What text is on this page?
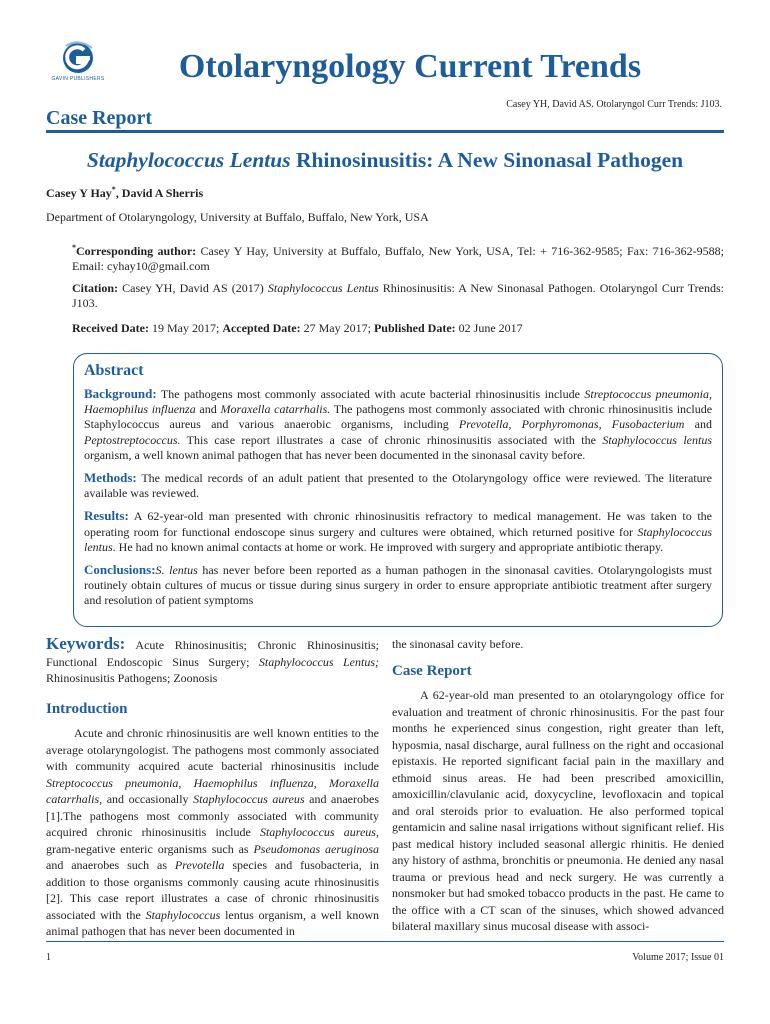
GAVIN PUBLISHERS	Otolaryngology Current Trends
Casey YH, David AS. Otolaryngol Curr Trends: J103.
Case Report
Staphylococcus Lentus Rhinosinusitis: A New Sinonasal Pathogen
Casey Y Hay*, David A Sherris
Department of Otolaryngology, University at Buffalo, Buffalo, New York, USA
*Corresponding author: Casey Y Hay, University at Buffalo, Buffalo, New York, USA, Tel: + 716-362-9585; Fax: 716-362-9588; Email: cyhay10@gmail.com
Citation: Casey YH, David AS (2017) Staphylococcus Lentus Rhinosinusitis: A New Sinonasal Pathogen. Otolaryngol Curr Trends: J103.
Received Date: 19 May 2017; Accepted Date: 27 May 2017; Published Date: 02 June 2017
Abstract

Background: The pathogens most commonly associated with acute bacterial rhinosinusitis include Streptococcus pneumonia, Haemophilus influenza and Moraxella catarrhalis. The pathogens most commonly associated with chronic rhinosinusitis include Staphylococcus aureus and various anaerobic organisms, including Prevotella, Porphyromonas, Fusobacterium and Peptostreptococcus. This case report illustrates a case of chronic rhinosinusitis associated with the Staphylococcus lentus organism, a well known animal pathogen that has never been documented in the sinonasal cavity before.

Methods: The medical records of an adult patient that presented to the Otolaryngology office were reviewed. The literature available was reviewed.

Results: A 62-year-old man presented with chronic rhinosinusitis refractory to medical management. He was taken to the operating room for functional endoscope sinus surgery and cultures were obtained, which returned positive for Staphylococcus lentus. He had no known animal contacts at home or work. He improved with surgery and appropriate antibiotic therapy.

Conclusions:S. lentus has never before been reported as a human pathogen in the sinonasal cavities. Otolaryngologists must routinely obtain cultures of mucus or tissue during sinus surgery in order to ensure appropriate antibiotic treatment after surgery and resolution of patient symptoms

Keywords: Acute Rhinosinusitis; Chronic Rhinosinusitis; Functional Endoscopic Sinus Surgery; Staphylococcus Lentus; Rhinosinusitis Pathogens; Zoonosis

Introduction

Acute and chronic rhinosinusitis are well known entities to the average otolaryngologist. The pathogens most commonly associated with community acquired acute bacterial rhinosinusitis include Streptococcus pneumonia, Haemophilus influenza, Moraxella catarrhalis, and occasionally Staphylococcus aureus and anaerobes [1].The pathogens most commonly associated with community acquired chronic rhinosinusitis include Staphylococcus aureus, gram-negative enteric organisms such as Pseudomonas aeruginosa and anaerobes such as Prevotella species and fusobacteria, in addition to those organisms commonly causing acute rhinosinusitis [2]. This case report illustrates a case of chronic rhinosinusitis associated with the Staphylococcus lentus organism, a well known animal pathogen that has never been documented in

the sinonasal cavity before.

Case Report

A 62-year-old man presented to an otolaryngology office for evaluation and treatment of chronic rhinosinusitis. For the past four months he experienced sinus congestion, right greater than left, hyposmia, nasal discharge, aural fullness on the right and occasional epistaxis. He reported significant facial pain in the maxillary and ethmoid sinus areas. He had been prescribed amoxicillin, amoxicillin/clavulanic acid, doxycycline, levofloxacin and topical and oral steroids prior to evaluation. He also performed topical gentamicin and saline nasal irrigations without significant relief. His past medical history included seasonal allergic rhinitis. He denied any history of asthma, bronchitis or pneumonia. He denied any nasal trauma or previous head and neck surgery. He was currently a nonsmoker but had smoked tobacco products in the past. He came to the office with a CT scan of the sinuses, which showed advanced bilateral maxillary sinus mucosal disease with associ-

1	Volume 2017; Issue 01
